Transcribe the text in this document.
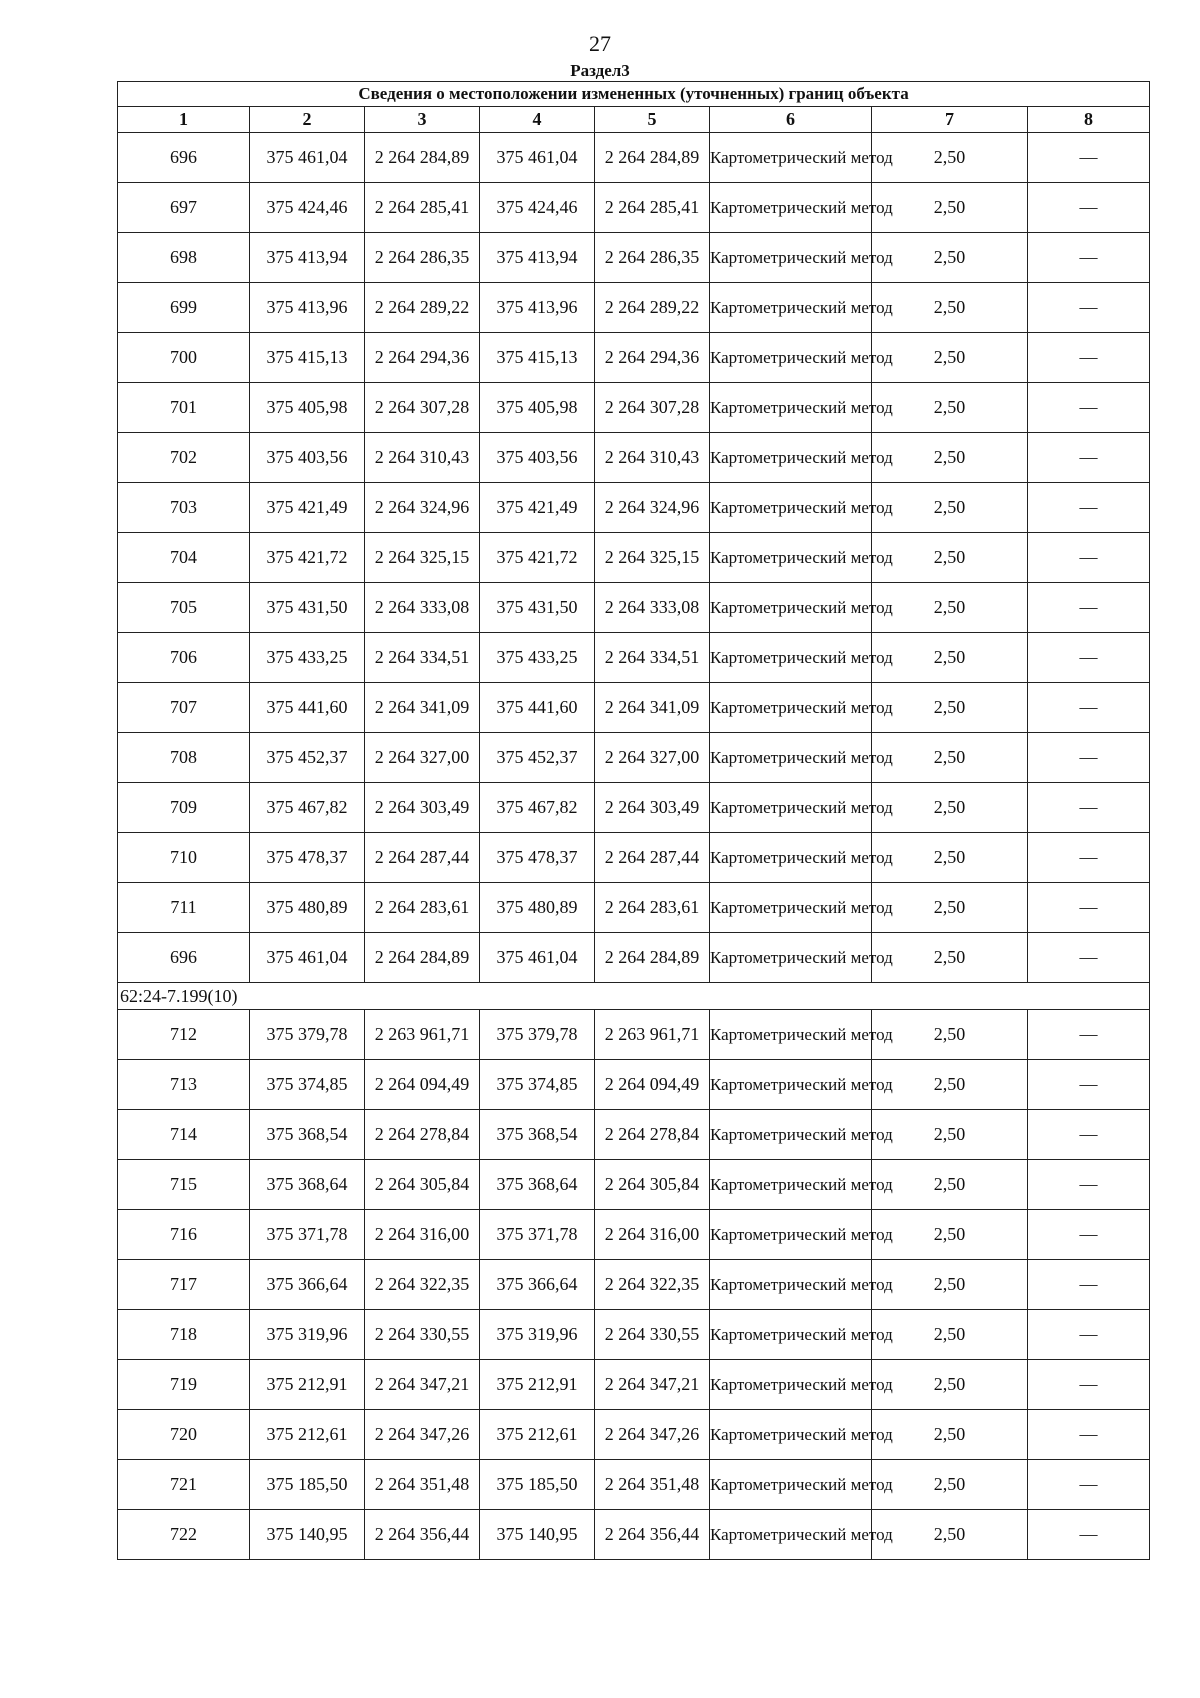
27
Раздел3
Сведения о местоположении измененных (уточненных) границ объекта							
1	2	3	4	5	6	7	8
696	375 461,04	2 264 284,89	375 461,04	2 264 284,89	Картометрический метод	2,50	—
697	375 424,46	2 264 285,41	375 424,46	2 264 285,41	Картометрический метод	2,50	—
698	375 413,94	2 264 286,35	375 413,94	2 264 286,35	Картометрический метод	2,50	—
699	375 413,96	2 264 289,22	375 413,96	2 264 289,22	Картометрический метод	2,50	—
700	375 415,13	2 264 294,36	375 415,13	2 264 294,36	Картометрический метод	2,50	—
701	375 405,98	2 264 307,28	375 405,98	2 264 307,28	Картометрический метод	2,50	—
702	375 403,56	2 264 310,43	375 403,56	2 264 310,43	Картометрический метод	2,50	—
703	375 421,49	2 264 324,96	375 421,49	2 264 324,96	Картометрический метод	2,50	—
704	375 421,72	2 264 325,15	375 421,72	2 264 325,15	Картометрический метод	2,50	—
705	375 431,50	2 264 333,08	375 431,50	2 264 333,08	Картометрический метод	2,50	—
706	375 433,25	2 264 334,51	375 433,25	2 264 334,51	Картометрический метод	2,50	—
707	375 441,60	2 264 341,09	375 441,60	2 264 341,09	Картометрический метод	2,50	—
708	375 452,37	2 264 327,00	375 452,37	2 264 327,00	Картометрический метод	2,50	—
709	375 467,82	2 264 303,49	375 467,82	2 264 303,49	Картометрический метод	2,50	—
710	375 478,37	2 264 287,44	375 478,37	2 264 287,44	Картометрический метод	2,50	—
711	375 480,89	2 264 283,61	375 480,89	2 264 283,61	Картометрический метод	2,50	—
696	375 461,04	2 264 284,89	375 461,04	2 264 284,89	Картометрический метод	2,50	—
62:24-7.199(10)							
712	375 379,78	2 263 961,71	375 379,78	2 263 961,71	Картометрический метод	2,50	—
713	375 374,85	2 264 094,49	375 374,85	2 264 094,49	Картометрический метод	2,50	—
714	375 368,54	2 264 278,84	375 368,54	2 264 278,84	Картометрический метод	2,50	—
715	375 368,64	2 264 305,84	375 368,64	2 264 305,84	Картометрический метод	2,50	—
716	375 371,78	2 264 316,00	375 371,78	2 264 316,00	Картометрический метод	2,50	—
717	375 366,64	2 264 322,35	375 366,64	2 264 322,35	Картометрический метод	2,50	—
718	375 319,96	2 264 330,55	375 319,96	2 264 330,55	Картометрический метод	2,50	—
719	375 212,91	2 264 347,21	375 212,91	2 264 347,21	Картометрический метод	2,50	—
720	375 212,61	2 264 347,26	375 212,61	2 264 347,26	Картометрический метод	2,50	—
721	375 185,50	2 264 351,48	375 185,50	2 264 351,48	Картометрический метод	2,50	—
722	375 140,95	2 264 356,44	375 140,95	2 264 356,44	Картометрический метод	2,50	—
